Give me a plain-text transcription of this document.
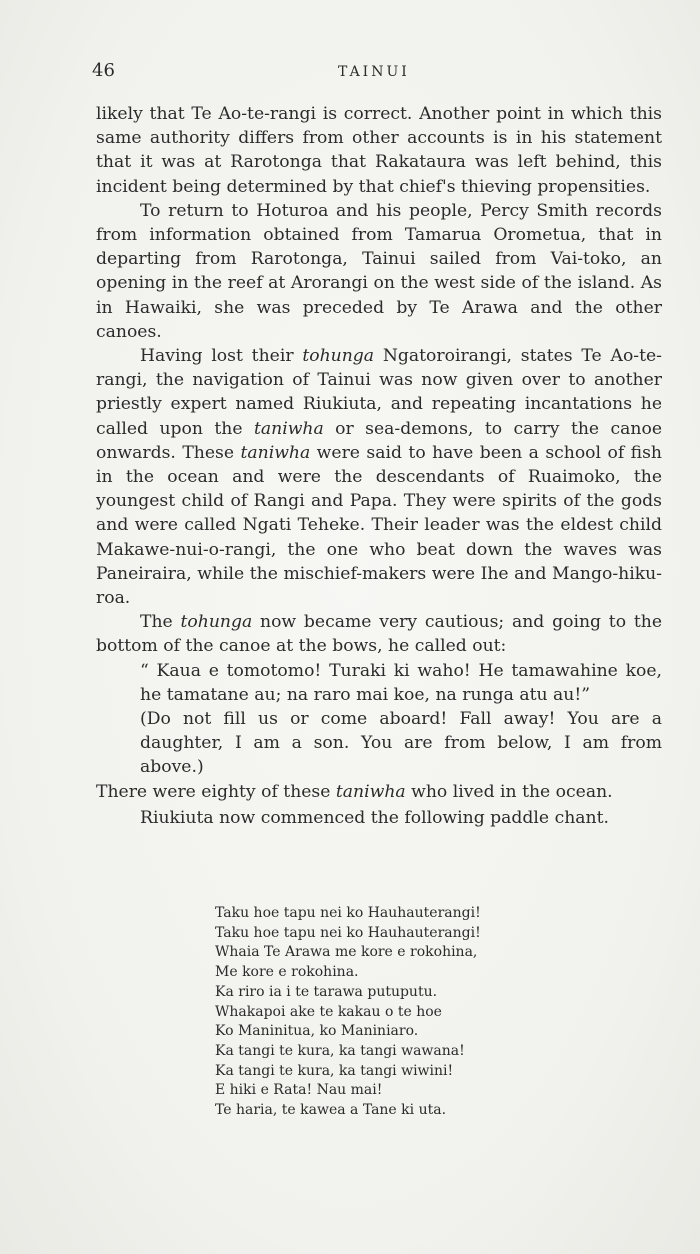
46	TAINUI

likely that Te Ao-te-rangi is correct. Another point in which this same authority differs from other accounts is in his statement that it was at Rarotonga that Rakataura was left behind, this incident being determined by that chief's thieving propensities.

To return to Hoturoa and his people, Percy Smith records from information obtained from Tamarua Orometua, that in departing from Rarotonga, Tainui sailed from Vai-toko, an opening in the reef at Arorangi on the west side of the island. As in Hawaiki, she was preceded by Te Arawa and the other canoes.

Having lost their tohunga Ngatoroirangi, states Te Ao-te-rangi, the navigation of Tainui was now given over to another priestly expert named Riukiuta, and repeating incantations he called upon the taniwha or sea-demons, to carry the canoe onwards. These taniwha were said to have been a school of fish in the ocean and were the descendants of Ruaimoko, the youngest child of Rangi and Papa. They were spirits of the gods and were called Ngati Teheke. Their leader was the eldest child Makawe-nui-o-rangi, the one who beat down the waves was Paneiraira, while the mischief-makers were Ihe and Mango-hiku-roa.

The tohunga now became very cautious; and going to the bottom of the canoe at the bows, he called out:

“ Kaua e tomotomo! Turaki ki waho! He tamawahine koe, he tamatane au; na raro mai koe, na runga atu au!”

(Do not fill us or come aboard! Fall away! You are a daughter, I am a son. You are from below, I am from above.)

There were eighty of these taniwha who lived in the ocean.

Riukiuta now commenced the following paddle chant.

Taku hoe tapu nei ko Hauhauterangi!
Taku hoe tapu nei ko Hauhauterangi!
Whaia Te Arawa me kore e rokohina,
Me kore e rokohina.
Ka riro ia i te tarawa putuputu.
Whakapoi ake te kakau o te hoe
Ko Maninitua, ko Maniniaro.
Ka tangi te kura, ka tangi wawana!
Ka tangi te kura, ka tangi wiwini!
E hiki e Rata! Nau mai!
Te haria, te kawea a Tane ki uta.
